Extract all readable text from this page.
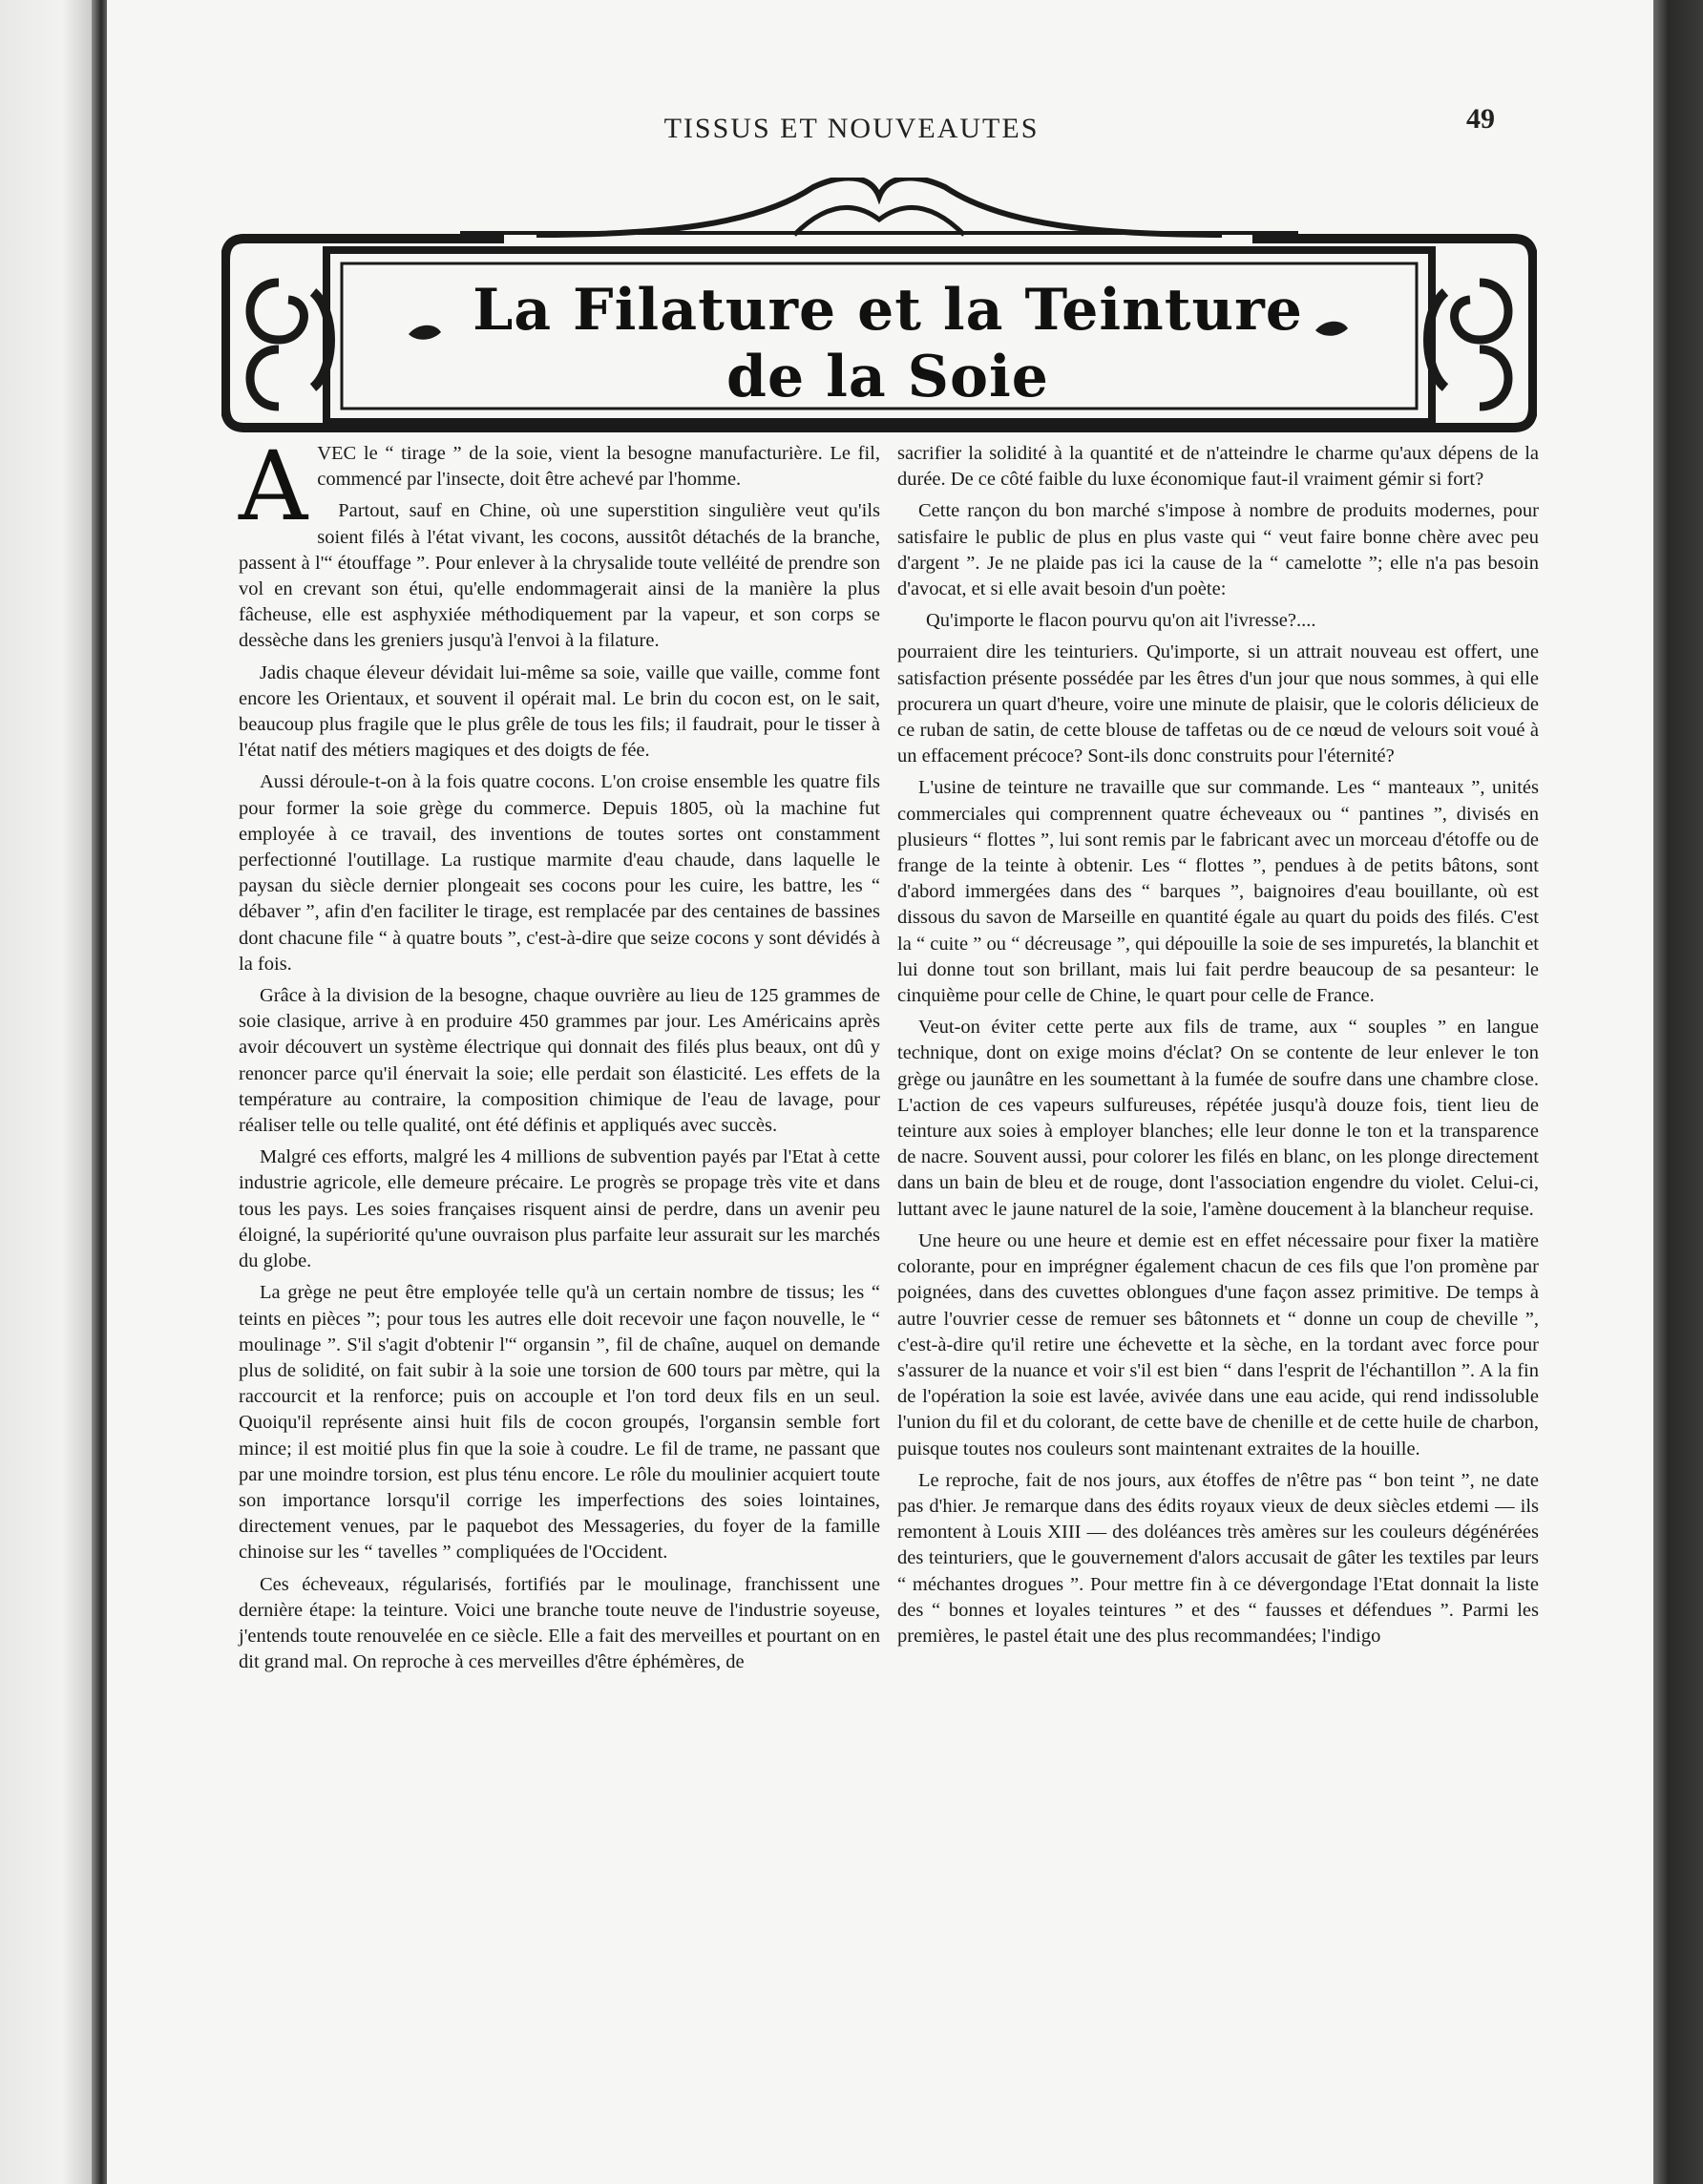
TISSUS ET NOUVEAUTES	49
La Filature et la Teinture de la Soie

AVEC le “ tirage ” de la soie, vient la besogne manufacturière. Le fil, commencé par l'insecte, doit être achevé par l'homme.

Partout, sauf en Chine, où une superstition singulière veut qu'ils soient filés à l'état vivant, les cocons, aussitôt détachés de la branche, passent à l'“ étouffage ”. Pour enlever à la chrysalide toute velléité de prendre son vol en crevant son étui, qu'elle endommagerait ainsi de la manière la plus fâcheuse, elle est asphyxiée méthodiquement par la vapeur, et son corps se dessèche dans les greniers jusqu'à l'envoi à la filature.

Jadis chaque éleveur dévidait lui-même sa soie, vaille que vaille, comme font encore les Orientaux, et souvent il opérait mal. Le brin du cocon est, on le sait, beaucoup plus fragile que le plus grêle de tous les fils; il faudrait, pour le tisser à l'état natif des métiers magiques et des doigts de fée.

Aussi déroule-t-on à la fois quatre cocons. L'on croise ensemble les quatre fils pour former la soie grège du commerce. Depuis 1805, où la machine fut employée à ce travail, des inventions de toutes sortes ont constamment perfectionné l'outillage. La rustique marmite d'eau chaude, dans laquelle le paysan du siècle dernier plongeait ses cocons pour les cuire, les battre, les “ débaver ”, afin d'en faciliter le tirage, est remplacée par des centaines de bassines dont chacune file “ à quatre bouts ”, c'est-à-dire que seize cocons y sont dévidés à la fois.

Grâce à la division de la besogne, chaque ouvrière au lieu de 125 grammes de soie clasique, arrive à en produire 450 grammes par jour. Les Américains après avoir découvert un système électrique qui donnait des filés plus beaux, ont dû y renoncer parce qu'il énervait la soie; elle perdait son élasticité. Les effets de la température au contraire, la composition chimique de l'eau de lavage, pour réaliser telle ou telle qualité, ont été définis et appliqués avec succès.

Malgré ces efforts, malgré les 4 millions de subvention payés par l'Etat à cette industrie agricole, elle demeure précaire. Le progrès se propage très vite et dans tous les pays. Les soies françaises risquent ainsi de perdre, dans un avenir peu éloigné, la supériorité qu'une ouvraison plus parfaite leur assurait sur les marchés du globe.

La grège ne peut être employée telle qu'à un certain nombre de tissus; les “ teints en pièces ”; pour tous les autres elle doit recevoir une façon nouvelle, le “ moulinage ”. S'il s'agit d'obtenir l'“ organsin ”, fil de chaîne, auquel on demande plus de solidité, on fait subir à la soie une torsion de 600 tours par mètre, qui la raccourcit et la renforce; puis on accouple et l'on tord deux fils en un seul. Quoiqu'il représente ainsi huit fils de cocon groupés, l'organsin semble fort mince; il est moitié plus fin que la soie à coudre. Le fil de trame, ne passant que par une moindre torsion, est plus ténu encore. Le rôle du moulinier acquiert toute son importance lorsqu'il corrige les imperfections des soies lointaines, directement venues, par le paquebot des Messageries, du foyer de la famille chinoise sur les “ tavelles ” compliquées de l'Occident.

Ces écheveaux, régularisés, fortifiés par le moulinage, franchissent une dernière étape: la teinture. Voici une branche toute neuve de l'industrie soyeuse, j'entends toute renouvelée en ce siècle. Elle a fait des merveilles et pourtant on en dit grand mal. On reproche à ces merveilles d'être éphémères, de

sacrifier la solidité à la quantité et de n'atteindre le charme qu'aux dépens de la durée. De ce côté faible du luxe économique faut-il vraiment gémir si fort?

Cette rançon du bon marché s'impose à nombre de produits modernes, pour satisfaire le public de plus en plus vaste qui “ veut faire bonne chère avec peu d'argent ”. Je ne plaide pas ici la cause de la “ camelotte ”; elle n'a pas besoin d'avocat, et si elle avait besoin d'un poète:

Qu'importe le flacon pourvu qu'on ait l'ivresse?....

pourraient dire les teinturiers. Qu'importe, si un attrait nouveau est offert, une satisfaction présente possédée par les êtres d'un jour que nous sommes, à qui elle procurera un quart d'heure, voire une minute de plaisir, que le coloris délicieux de ce ruban de satin, de cette blouse de taffetas ou de ce nœud de velours soit voué à un effacement précoce? Sont-ils donc construits pour l'éternité?

L'usine de teinture ne travaille que sur commande. Les “ manteaux ”, unités commerciales qui comprennent quatre écheveaux ou “ pantines ”, divisés en plusieurs “ flottes ”, lui sont remis par le fabricant avec un morceau d'étoffe ou de frange de la teinte à obtenir. Les “ flottes ”, pendues à de petits bâtons, sont d'abord immergées dans des “ barques ”, baignoires d'eau bouillante, où est dissous du savon de Marseille en quantité égale au quart du poids des filés. C'est la “ cuite ” ou “ décreusage ”, qui dépouille la soie de ses impuretés, la blanchit et lui donne tout son brillant, mais lui fait perdre beaucoup de sa pesanteur: le cinquième pour celle de Chine, le quart pour celle de France.

Veut-on éviter cette perte aux fils de trame, aux “ souples ” en langue technique, dont on exige moins d'éclat? On se contente de leur enlever le ton grège ou jaunâtre en les soumettant à la fumée de soufre dans une chambre close. L'action de ces vapeurs sulfureuses, répétée jusqu'à douze fois, tient lieu de teinture aux soies à employer blanches; elle leur donne le ton et la transparence de nacre. Souvent aussi, pour colorer les filés en blanc, on les plonge directement dans un bain de bleu et de rouge, dont l'association engendre du violet. Celui-ci, luttant avec le jaune naturel de la soie, l'amène doucement à la blancheur requise.

Une heure ou une heure et demie est en effet nécessaire pour fixer la matière colorante, pour en imprégner également chacun de ces fils que l'on promène par poignées, dans des cuvettes oblongues d'une façon assez primitive. De temps à autre l'ouvrier cesse de remuer ses bâtonnets et “ donne un coup de cheville ”, c'est-à-dire qu'il retire une échevette et la sèche, en la tordant avec force pour s'assurer de la nuance et voir s'il est bien “ dans l'esprit de l'échantillon ”. A la fin de l'opération la soie est lavée, avivée dans une eau acide, qui rend indissoluble l'union du fil et du colorant, de cette bave de chenille et de cette huile de charbon, puisque toutes nos couleurs sont maintenant extraites de la houille.

Le reproche, fait de nos jours, aux étoffes de n'être pas “ bon teint ”, ne date pas d'hier. Je remarque dans des édits royaux vieux de deux siècles etdemi — ils remontent à Louis XIII — des doléances très amères sur les couleurs dégénérées des teinturiers, que le gouvernement d'alors accusait de gâter les textiles par leurs “ méchantes drogues ”. Pour mettre fin à ce dévergondage l'Etat donnait la liste des “ bonnes et loyales teintures ” et des “ fausses et défendues ”. Parmi les premières, le pastel était une des plus recommandées; l'indigo
